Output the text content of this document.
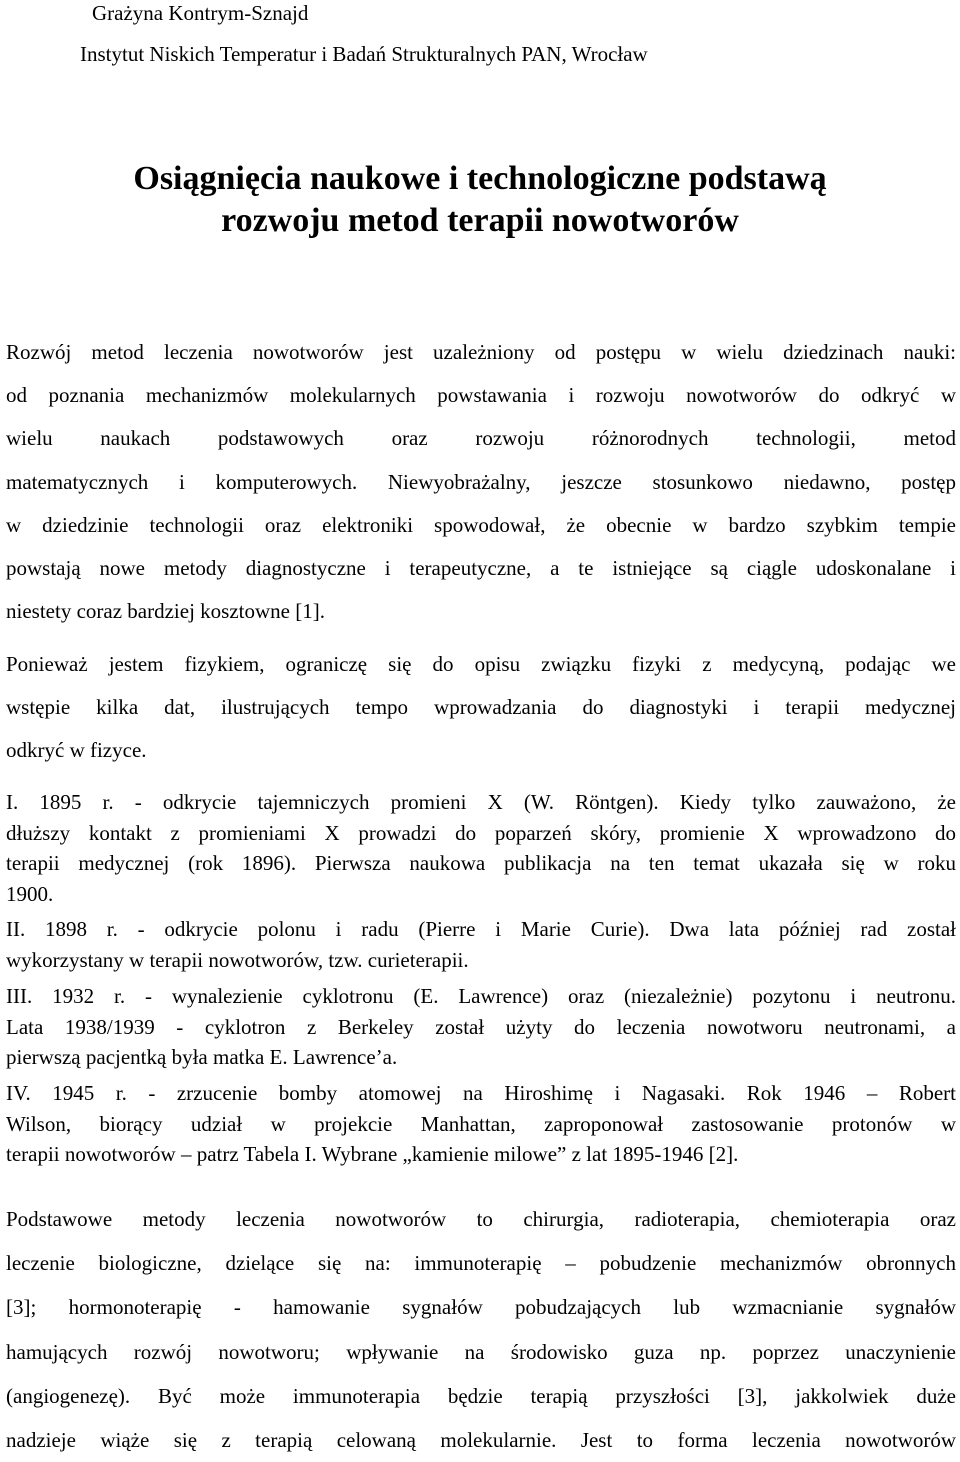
Grażyna Kontrym-Sznajd
Instytut Niskich Temperatur i Badań Strukturalnych PAN, Wrocław
Osiągnięcia naukowe i technologiczne podstawą
rozwoju metod terapii nowotworów

Rozwój metod leczenia nowotworów jest uzależniony od postępu w wielu dziedzinach nauki:
od poznania mechanizmów molekularnych powstawania i rozwoju nowotworów do odkryć w
wielu naukach podstawowych oraz rozwoju różnorodnych technologii, metod
matematycznych i komputerowych. Niewyobrażalny, jeszcze stosunkowo niedawno, postęp
w dziedzinie technologii oraz elektroniki spowodował, że obecnie w bardzo szybkim tempie
powstają nowe metody diagnostyczne i terapeutyczne, a te istniejące są ciągle udoskonalane i
niestety coraz bardziej kosztowne [1].

Ponieważ jestem fizykiem, ograniczę się do opisu związku fizyki z medycyną, podając we
wstępie kilka dat, ilustrujących tempo wprowadzania do diagnostyki i terapii medycznej
odkryć w fizyce.

I. 1895 r. - odkrycie tajemniczych promieni X (W. Röntgen). Kiedy tylko zauważono, że
dłuższy kontakt z promieniami X prowadzi do poparzeń skóry, promienie X wprowadzono do
terapii medycznej (rok 1896). Pierwsza naukowa publikacja na ten temat ukazała się w roku
1900.

II. 1898 r. - odkrycie polonu i radu (Pierre i Marie Curie). Dwa lata później rad został
wykorzystany w terapii nowotworów, tzw. curieterapii.

III. 1932 r. - wynalezienie cyklotronu (E. Lawrence) oraz (niezależnie) pozytonu i neutronu.
Lata 1938/1939 - cyklotron z Berkeley został użyty do leczenia nowotworu neutronami, a
pierwszą pacjentką była matka E. Lawrence’a.

IV. 1945 r. - zrzucenie bomby atomowej na Hiroshimę i Nagasaki. Rok 1946 – Robert
Wilson, biorący udział w projekcie Manhattan, zaproponował zastosowanie protonów w
terapii nowotworów – patrz Tabela I. Wybrane „kamienie milowe” z lat 1895-1946 [2].

Podstawowe metody leczenia nowotworów to chirurgia, radioterapia, chemioterapia oraz
leczenie biologiczne, dzielące się na: immunoterapię – pobudzenie mechanizmów obronnych
[3]; hormonoterapię - hamowanie sygnałów pobudzających lub wzmacnianie sygnałów
hamujących rozwój nowotworu; wpływanie na środowisko guza np. poprzez unaczynienie
(angiogenezę). Być może immunoterapia będzie terapią przyszłości [3], jakkolwiek duże
nadzieje wiąże się z terapią celowaną molekularnie. Jest to forma leczenia nowotworów
